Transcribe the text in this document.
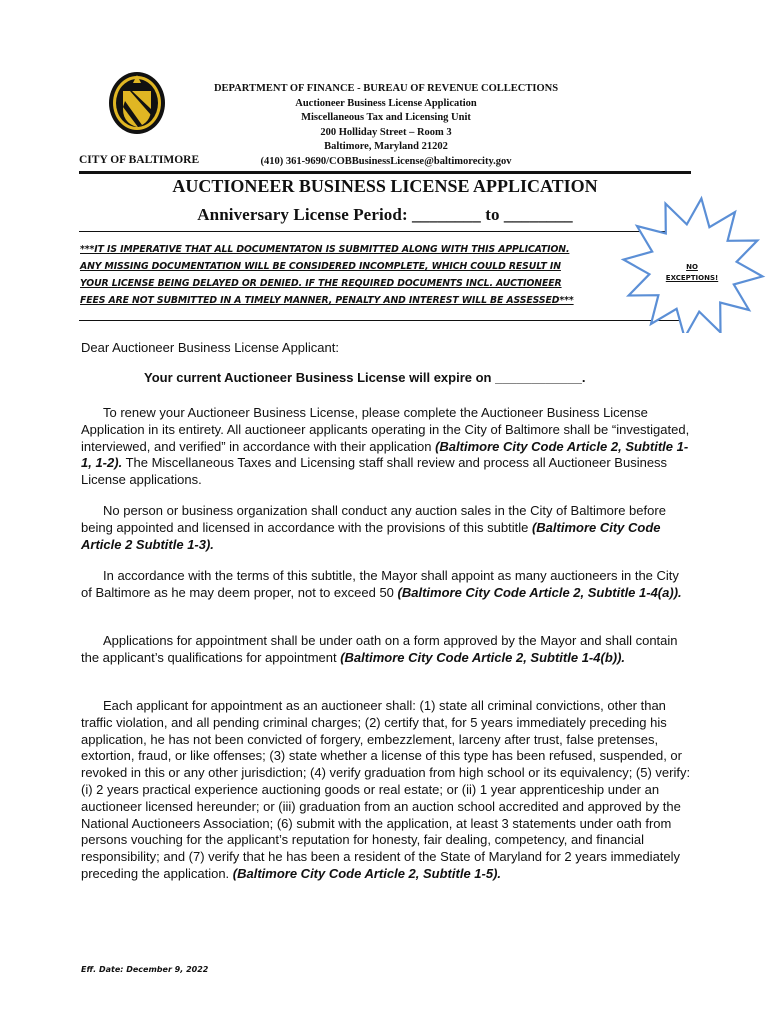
CITY OF BALTIMORE
DEPARTMENT OF FINANCE - BUREAU OF REVENUE COLLECTIONS
Auctioneer Business License Application
Miscellaneous Tax and Licensing Unit
200 Holliday Street – Room 3
Baltimore, Maryland 21202
(410) 361-9690/COBBusinessLicense@baltimorecity.gov
AUCTIONEER BUSINESS LICENSE APPLICATION
Anniversary License Period: ________ to ________
***IT IS IMPERATIVE THAT ALL DOCUMENTATON IS SUBMITTED ALONG WITH THIS APPLICATION.
ANY MISSING DOCUMENTATION WILL BE CONSIDERED INCOMPLETE, WHICH COULD RESULT IN
YOUR LICENSE BEING DELAYED OR DENIED. IF THE REQUIRED DOCUMENTS INCL. AUCTIONEER
FEES ARE NOT SUBMITTED IN A TIMELY MANNER, PENALTY AND INTEREST WILL BE ASSESSED***
NO
EXCEPTIONS!
Dear Auctioneer Business License Applicant:
Your current Auctioneer Business License will expire on ____________.
To renew your Auctioneer Business License, please complete the Auctioneer Business License Application in its entirety. All auctioneer applicants operating in the City of Baltimore shall be “investigated, interviewed, and verified” in accordance with their application (Baltimore City Code Article 2, Subtitle 1-1, 1-2). The Miscellaneous Taxes and Licensing staff shall review and process all Auctioneer Business License applications.
No person or business organization shall conduct any auction sales in the City of Baltimore before being appointed and licensed in accordance with the provisions of this subtitle (Baltimore City Code Article 2 Subtitle 1-3).
In accordance with the terms of this subtitle, the Mayor shall appoint as many auctioneers in the City of Baltimore as he may deem proper, not to exceed 50 (Baltimore City Code Article 2, Subtitle 1-4(a)).
Applications for appointment shall be under oath on a form approved by the Mayor and shall contain the applicant’s qualifications for appointment (Baltimore City Code Article 2, Subtitle 1-4(b)).
Each applicant for appointment as an auctioneer shall: (1) state all criminal convictions, other than traffic violation, and all pending criminal charges; (2) certify that, for 5 years immediately preceding his application, he has not been convicted of forgery, embezzlement, larceny after trust, false pretenses, extortion, fraud, or like offenses; (3) state whether a license of this type has been refused, suspended, or revoked in this or any other jurisdiction; (4) verify graduation from high school or its equivalency; (5) verify: (i) 2 years practical experience auctioning goods or real estate; or (ii) 1 year apprenticeship under an auctioneer licensed hereunder; or (iii) graduation from an auction school accredited and approved by the National Auctioneers Association; (6) submit with the application, at least 3 statements under oath from persons vouching for the applicant’s reputation for honesty, fair dealing, competency, and financial responsibility; and (7) verify that he has been a resident of the State of Maryland for 2 years immediately preceding the application. (Baltimore City Code Article 2, Subtitle 1-5).
Eff. Date: December 9, 2022
